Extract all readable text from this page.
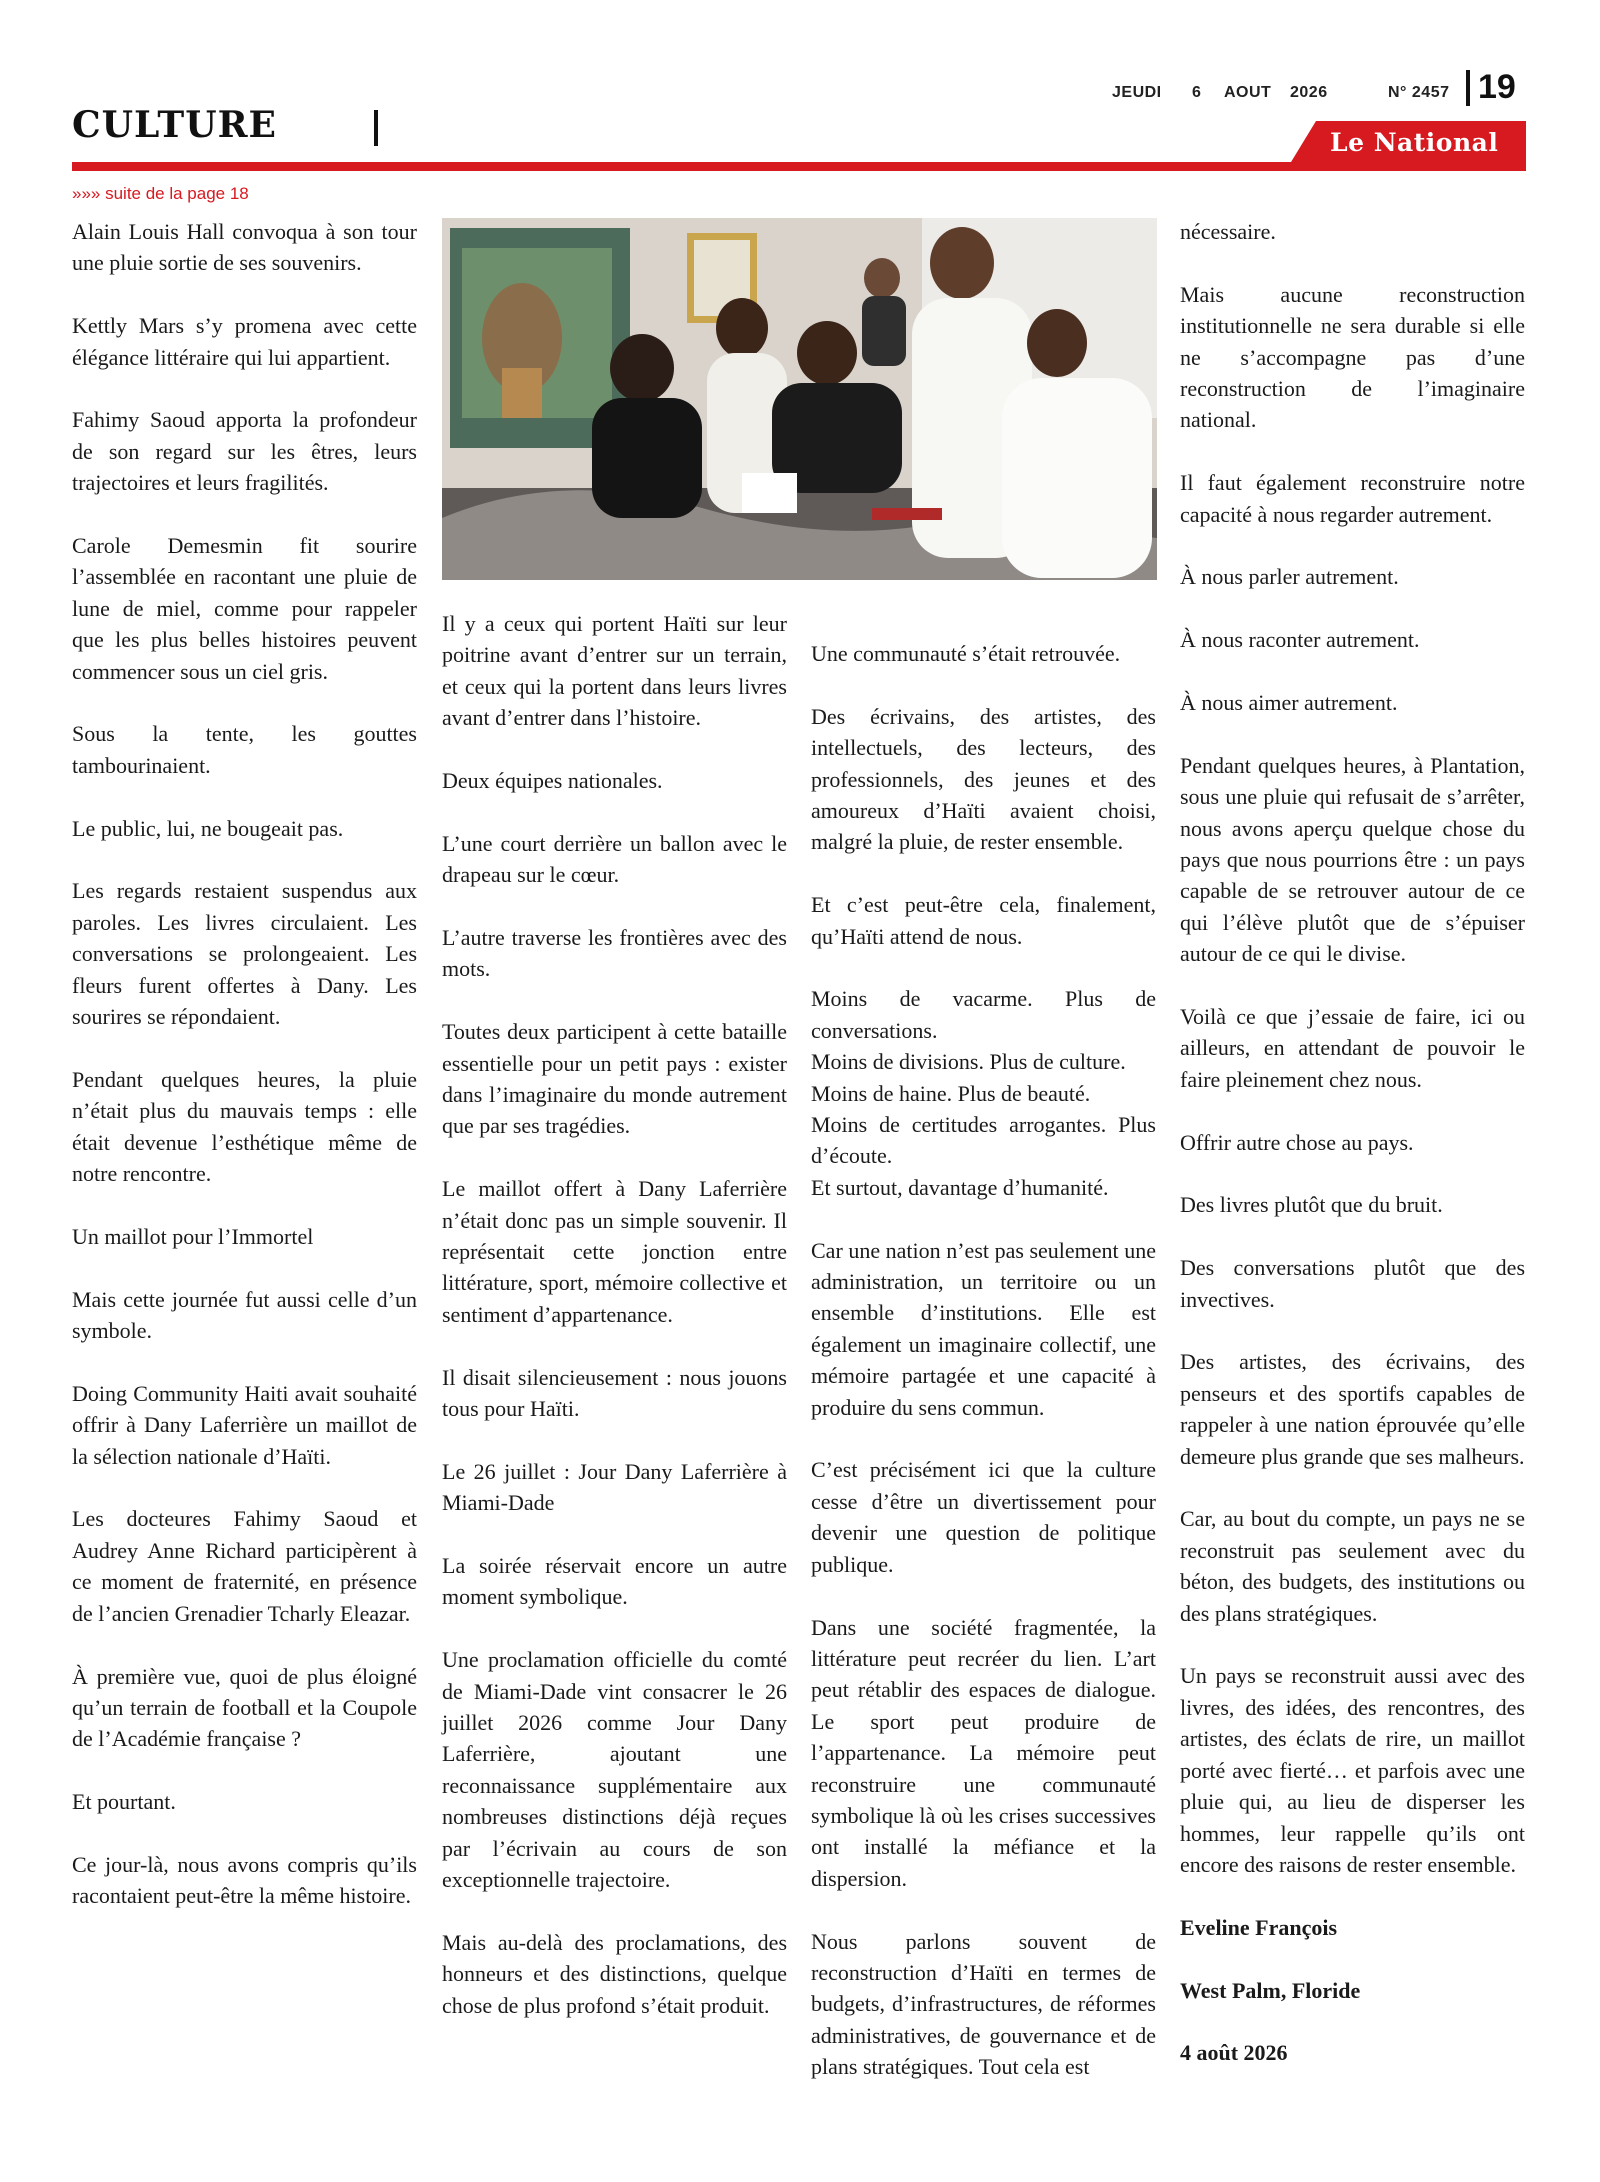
CULTURE
JEUDI 6 AOUT 2026	N° 2457 19
Le National
»»» suite de la page 18

Alain Louis Hall convoqua à son tour une pluie sortie de ses souvenirs.

Kettly Mars s’y promena avec cette élégance littéraire qui lui appartient.

Fahimy Saoud apporta la profondeur de son regard sur les êtres, leurs trajectoires et leurs fragilités.

Carole Demesmin fit sourire l’assemblée en racontant une pluie de lune de miel, comme pour rappeler que les plus belles histoires peuvent commencer sous un ciel gris.

Sous la tente, les gouttes tambourinaient.

Le public, lui, ne bougeait pas.

Les regards restaient suspendus aux paroles. Les livres circulaient. Les conversations se prolongeaient. Les fleurs furent offertes à Dany. Les sourires se répondaient.

Pendant quelques heures, la pluie n’était plus du mauvais temps : elle était devenue l’esthétique même de notre rencontre.

Un maillot pour l’Immortel

Mais cette journée fut aussi celle d’un symbole.

Doing Community Haiti avait souhaité offrir à Dany Laferrière un maillot de la sélection nationale d’Haïti.

Les docteures Fahimy Saoud et Audrey Anne Richard participèrent à ce moment de fraternité, en présence de l’ancien Grenadier Tcharly Eleazar.

À première vue, quoi de plus éloigné qu’un terrain de football et la Coupole de l’Académie française ?

Et pourtant.

Ce jour-là, nous avons compris qu’ils racontaient peut-être la même histoire.

Il y a ceux qui portent Haïti sur leur poitrine avant d’entrer sur un terrain, et ceux qui la portent dans leurs livres avant d’entrer dans l’histoire.

Deux équipes nationales.

L’une court derrière un ballon avec le drapeau sur le cœur.

L’autre traverse les frontières avec des mots.

Toutes deux participent à cette bataille essentielle pour un petit pays : exister dans l’imaginaire du monde autrement que par ses tragédies.

Le maillot offert à Dany Laferrière n’était donc pas un simple souvenir. Il représentait cette jonction entre littérature, sport, mémoire collective et sentiment d’appartenance.

Il disait silencieusement : nous jouons tous pour Haïti.

Le 26 juillet : Jour Dany Laferrière à Miami-Dade

La soirée réservait encore un autre moment symbolique.

Une proclamation officielle du comté de Miami-Dade vint consacrer le 26 juillet 2026 comme Jour Dany Laferrière, ajoutant une reconnaissance supplémentaire aux nombreuses distinctions déjà reçues par l’écrivain au cours de son exceptionnelle trajectoire.

Mais au-delà des proclamations, des honneurs et des distinctions, quelque chose de plus profond s’était produit.

Une communauté s’était retrouvée.

Des écrivains, des artistes, des intellectuels, des lecteurs, des professionnels, des jeunes et des amoureux d’Haïti avaient choisi, malgré la pluie, de rester ensemble.

Et c’est peut-être cela, finalement, qu’Haïti attend de nous.

Moins de vacarme. Plus de conversations.

Moins de divisions. Plus de culture.

Moins de haine. Plus de beauté.

Moins de certitudes arrogantes. Plus d’écoute.

Et surtout, davantage d’humanité.

Car une nation n’est pas seulement une administration, un territoire ou un ensemble d’institutions. Elle est également un imaginaire collectif, une mémoire partagée et une capacité à produire du sens commun.

C’est précisément ici que la culture cesse d’être un divertissement pour devenir une question de politique publique.

Dans une société fragmentée, la littérature peut recréer du lien. L’art peut rétablir des espaces de dialogue. Le sport peut produire de l’appartenance. La mémoire peut reconstruire une communauté symbolique là où les crises successives ont installé la méfiance et la dispersion.

Nous parlons souvent de reconstruction d’Haïti en termes de budgets, d’infrastructures, de réformes administratives, de gouvernance et de plans stratégiques. Tout cela est

nécessaire.

Mais aucune reconstruction institutionnelle ne sera durable si elle ne s’accompagne pas d’une reconstruction de l’imaginaire national.

Il faut également reconstruire notre capacité à nous regarder autrement.

À nous parler autrement.

À nous raconter autrement.

À nous aimer autrement.

Pendant quelques heures, à Plantation, sous une pluie qui refusait de s’arrêter, nous avons aperçu quelque chose du pays que nous pourrions être : un pays capable de se retrouver autour de ce qui l’élève plutôt que de s’épuiser autour de ce qui le divise.

Voilà ce que j’essaie de faire, ici ou ailleurs, en attendant de pouvoir le faire pleinement chez nous.

Offrir autre chose au pays.

Des livres plutôt que du bruit.

Des conversations plutôt que des invectives.

Des artistes, des écrivains, des penseurs et des sportifs capables de rappeler à une nation éprouvée qu’elle demeure plus grande que ses malheurs.

Car, au bout du compte, un pays ne se reconstruit pas seulement avec du béton, des budgets, des institutions ou des plans stratégiques.

Un pays se reconstruit aussi avec des livres, des idées, des rencontres, des artistes, des éclats de rire, un maillot porté avec fierté… et parfois avec une pluie qui, au lieu de disperser les hommes, leur rappelle qu’ils ont encore des raisons de rester ensemble.

Eveline François

West Palm, Floride

4 août 2026
